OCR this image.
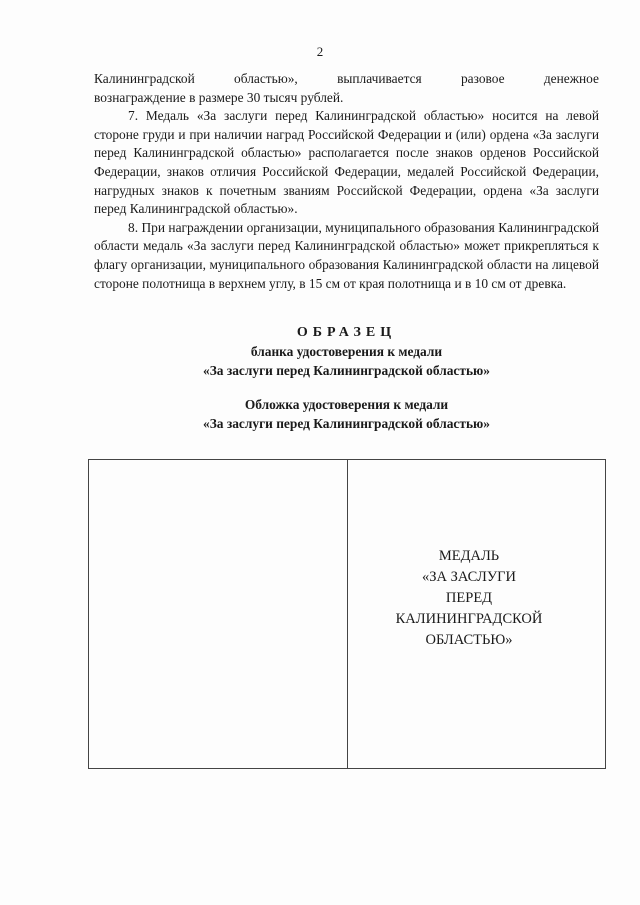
2
Калининградской	областью»,	выплачивается	разовое	денежное

вознаграждение в размере 30 тысяч рублей.

7. Медаль «За заслуги перед Калининградской областью» носится на левой стороне груди и при наличии наград Российской Федерации и (или) ордена «За заслуги перед Калининградской областью» располагается после знаков орденов Российской Федерации, знаков отличия Российской Федерации, медалей Российской Федерации, нагрудных знаков к почетным званиям Российской Федерации, ордена «За заслуги перед Калининградской областью».

8. При награждении организации, муниципального образования Калининградской области медаль «За заслуги перед Калининградской областью» может прикрепляться к флагу организации, муниципального образования Калининградской области на лицевой стороне полотнища в верхнем углу, в 15 см от края полотнища и в 10 см от древка.

ОБРАЗЕЦ
бланка удостоверения к медали
«За заслуги перед Калининградской областью»
Обложка удостоверения к медали
«За заслуги перед Калининградской областью»
МЕДАЛЬ
«ЗА ЗАСЛУГИ
ПЕРЕД
КАЛИНИНГРАДСКОЙ
ОБЛАСТЬЮ»
